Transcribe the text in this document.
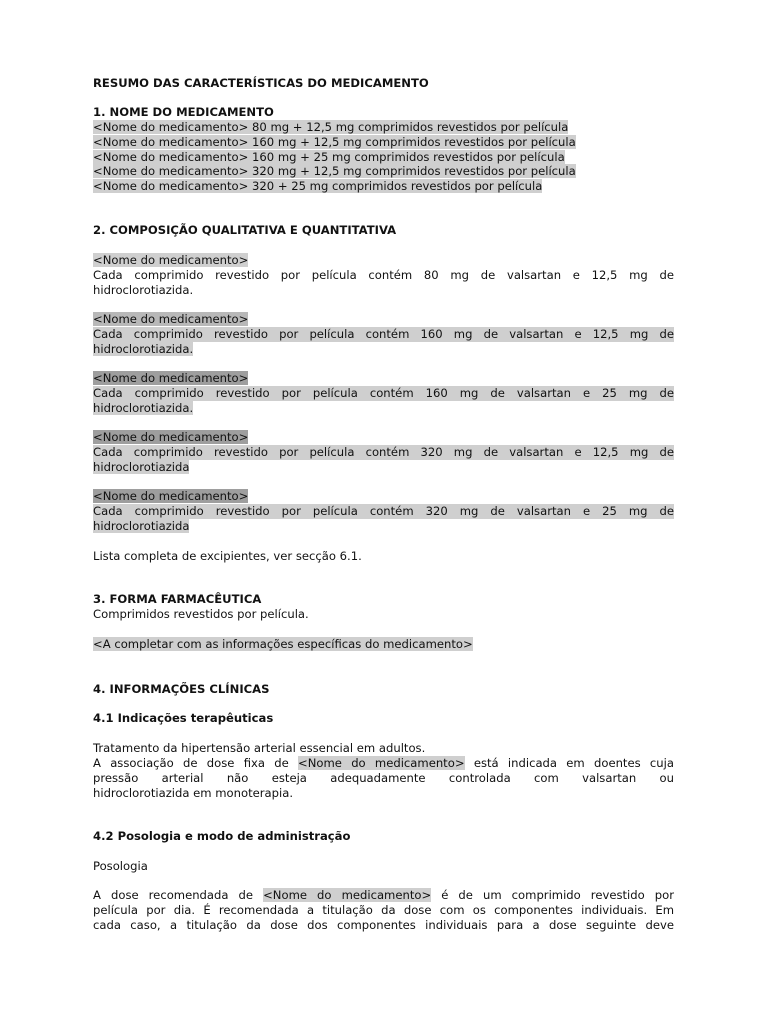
RESUMO DAS CARACTERÍSTICAS DO MEDICAMENTO
1. NOME DO MEDICAMENTO
<Nome do medicamento> 80 mg + 12,5 mg comprimidos revestidos por película
<Nome do medicamento> 160 mg + 12,5 mg comprimidos revestidos por película
<Nome do medicamento> 160 mg + 25 mg comprimidos revestidos por película
<Nome do medicamento> 320 mg + 12,5 mg comprimidos revestidos por película
<Nome do medicamento> 320 + 25 mg comprimidos revestidos por película
2. COMPOSIÇÃO QUALITATIVA E QUANTITATIVA
<Nome do medicamento>
Cada comprimido revestido por película contém 80 mg de valsartan e 12,5 mg de
hidroclorotiazida.
<Nome do medicamento>
Cada comprimido revestido por película contém 160 mg de valsartan e 12,5 mg de
hidroclorotiazida.
<Nome do medicamento>
Cada comprimido revestido por película contém 160 mg de valsartan e 25 mg de
hidroclorotiazida.
<Nome do medicamento>
Cada comprimido revestido por película contém 320 mg de valsartan e 12,5 mg de
hidroclorotiazida
<Nome do medicamento>
Cada comprimido revestido por película contém 320 mg de valsartan e 25 mg de
hidroclorotiazida
Lista completa de excipientes, ver secção 6.1.
3. FORMA FARMACÊUTICA
Comprimidos revestidos por película.
<A completar com as informações específicas do medicamento>
4. INFORMAÇÕES CLÍNICAS
4.1 Indicações terapêuticas
Tratamento da hipertensão arterial essencial em adultos.
A associação de dose fixa de <Nome do medicamento> está indicada em doentes cuja
pressão arterial não esteja adequadamente controlada com valsartan ou
hidroclorotiazida em monoterapia.
4.2 Posologia e modo de administração
Posologia
A dose recomendada de <Nome do medicamento> é de um comprimido revestido por
película por dia. É recomendada a titulação da dose com os componentes individuais. Em
cada caso, a titulação da dose dos componentes individuais para a dose seguinte deve
